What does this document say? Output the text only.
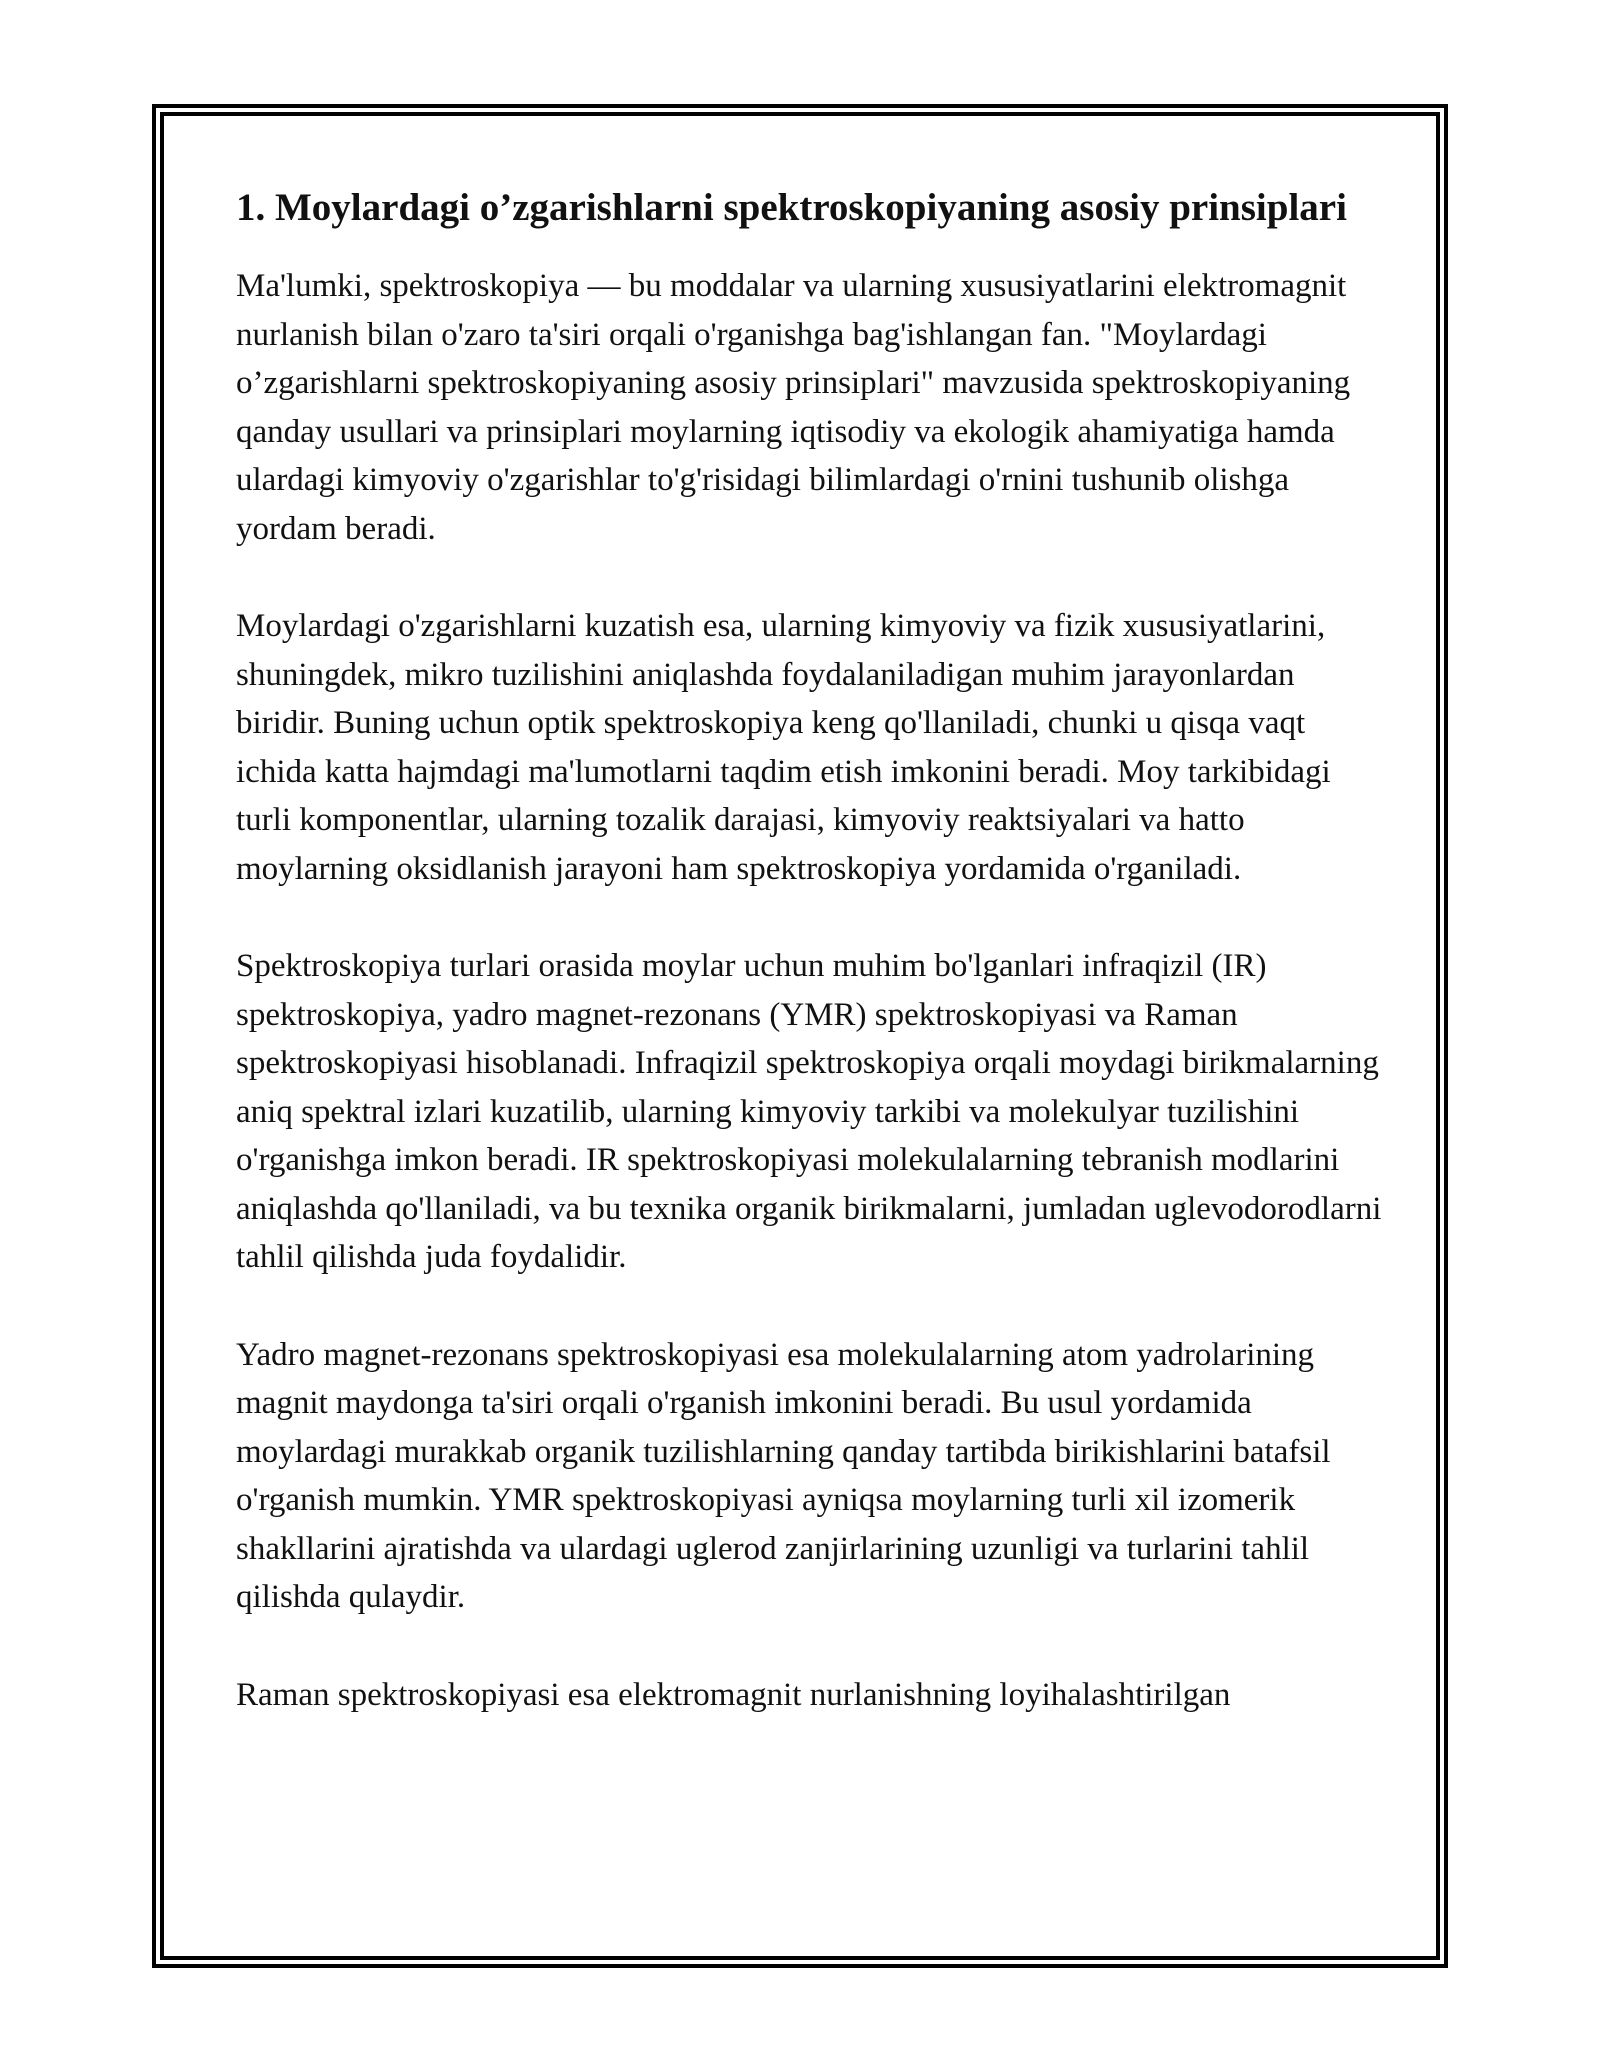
1. Moylardagi o’zgarishlarni spektroskopiyaning asosiy prinsiplari

Ma'lumki, spektroskopiya — bu moddalar va ularning xususiyatlarini elektromagnit nurlanish bilan o'zaro ta'siri orqali o'rganishga bag'ishlangan fan. "Moylardagi o’zgarishlarni spektroskopiyaning asosiy prinsiplari" mavzusida spektroskopiyaning qanday usullari va prinsiplari moylarning iqtisodiy va ekologik ahamiyatiga hamda ulardagi kimyoviy o'zgarishlar to'g'risidagi bilimlardagi o'rnini tushunib olishga yordam beradi.

Moylardagi o'zgarishlarni kuzatish esa, ularning kimyoviy va fizik xususiyatlarini, shuningdek, mikro tuzilishini aniqlashda foydalaniladigan muhim jarayonlardan biridir. Buning uchun optik spektroskopiya keng qo'llaniladi, chunki u qisqa vaqt ichida katta hajmdagi ma'lumotlarni taqdim etish imkonini beradi. Moy tarkibidagi turli komponentlar, ularning tozalik darajasi, kimyoviy reaktsiyalari va hatto moylarning oksidlanish jarayoni ham spektroskopiya yordamida o'rganiladi.

Spektroskopiya turlari orasida moylar uchun muhim bo'lganlari infraqizil (IR) spektroskopiya, yadro magnet-rezonans (YMR) spektroskopiyasi va Raman spektroskopiyasi hisoblanadi. Infraqizil spektroskopiya orqali moydagi birikmalarning aniq spektral izlari kuzatilib, ularning kimyoviy tarkibi va molekulyar tuzilishini o'rganishga imkon beradi. IR spektroskopiyasi molekulalarning tebranish modlarini aniqlashda qo'llaniladi, va bu texnika organik birikmalarni, jumladan uglevodorodlarni tahlil qilishda juda foydalidir.

Yadro magnet-rezonans spektroskopiyasi esa molekulalarning atom yadrolarining magnit maydonga ta'siri orqali o'rganish imkonini beradi. Bu usul yordamida moylardagi murakkab organik tuzilishlarning qanday tartibda birikishlarini batafsil o'rganish mumkin. YMR spektroskopiyasi ayniqsa moylarning turli xil izomerik shakllarini ajratishda va ulardagi uglerod zanjirlarining uzunligi va turlarini tahlil qilishda qulaydir.

Raman spektroskopiyasi esa elektromagnit nurlanishning loyihalashtirilgan
